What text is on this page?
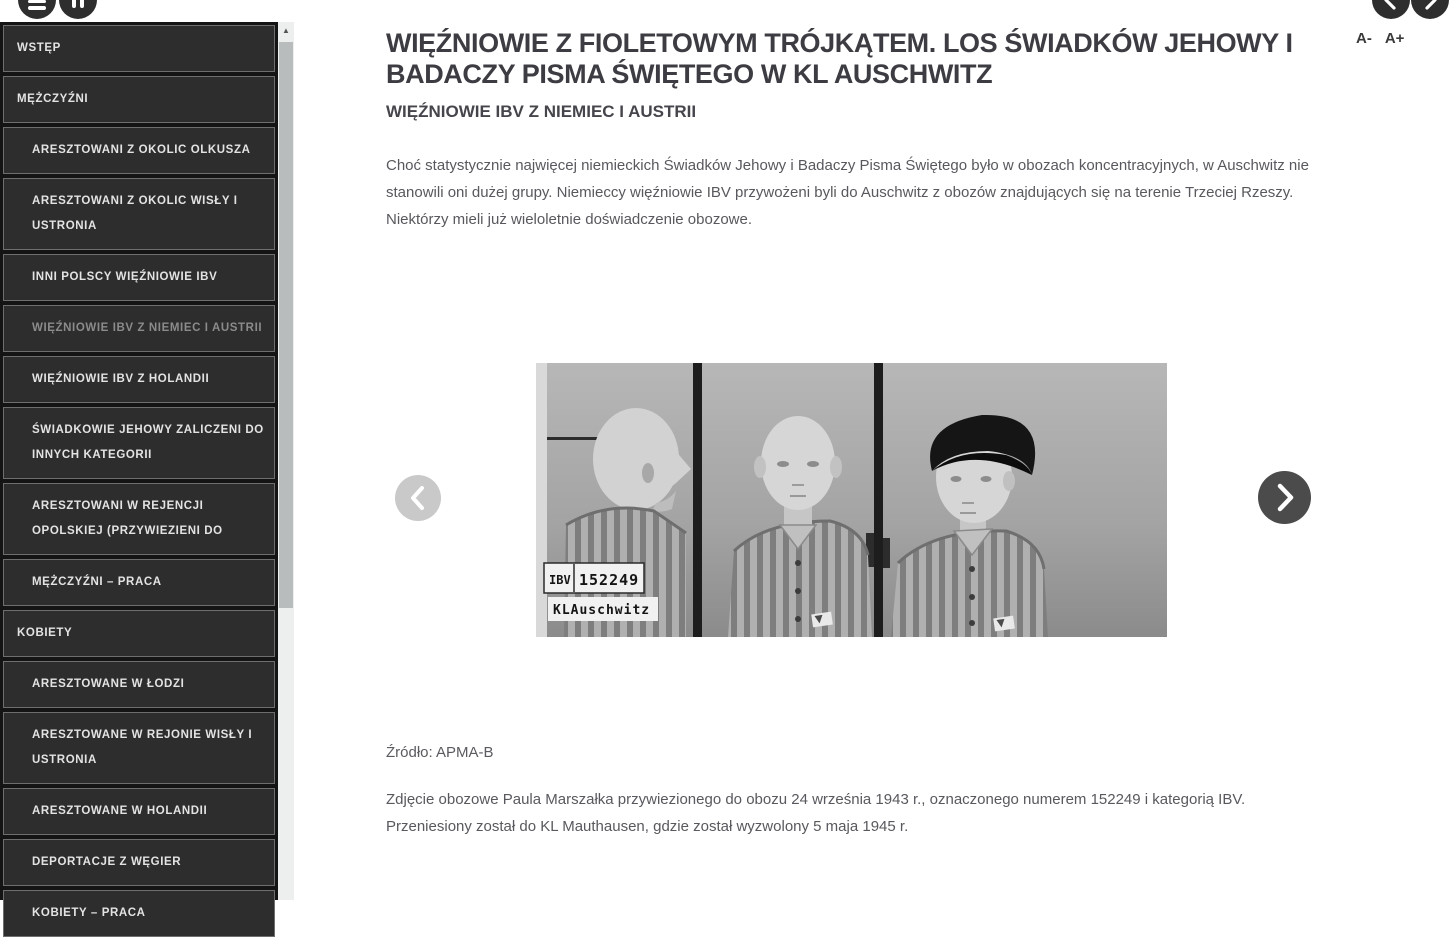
A- A+
WSTĘP
MĘŻCZYŹNI
ARESZTOWANI Z OKOLIC OLKUSZA
ARESZTOWANI Z OKOLIC WISŁY I USTRONIA
INNI POLSCY WIĘŹNIOWIE IBV
WIĘŹNIOWIE IBV Z NIEMIEC I AUSTRII
WIĘŹNIOWIE IBV Z HOLANDII
ŚWIADKOWIE JEHOWY ZALICZENI DO INNYCH KATEGORII
ARESZTOWANI W REJENCJI OPOLSKIEJ (PRZYWIEZIENI DO
MĘŻCZYŹNI – PRACA
KOBIETY
ARESZTOWANE W ŁODZI
ARESZTOWANE W REJONIE WISŁY I USTRONIA
ARESZTOWANE W HOLANDII
DEPORTACJE Z WĘGIER
KOBIETY – PRACA
▲	WIĘŹNIOWIE Z FIOLETOWYM TRÓJKĄTEM. LOS ŚWIADKÓW JEHOWY I BADACZY PISMA ŚWIĘTEGO W KL AUSCHWITZ
WIĘŹNIOWIE IBV Z NIEMIEC I AUSTRII

Choć statystycznie najwięcej niemieckich Świadków Jehowy i Badaczy Pisma Świętego było w obozach koncentracyjnych, w Auschwitz nie stanowili oni dużej grupy. Niemieccy więźniowie IBV przywożeni byli do Auschwitz z obozów znajdujących się na terenie Trzeciej Rzeszy. Niektórzy mieli już wieloletnie doświadczenie obozowe.

IBV 152249
KLAuschwitz

Źródło: APMA-B

Zdjęcie obozowe Paula Marszałka przywiezionego do obozu 24 września 1943 r., oznaczonego numerem 152249 i kategorią IBV. Przeniesiony został do KL Mauthausen, gdzie został wyzwolony 5 maja 1945 r.
